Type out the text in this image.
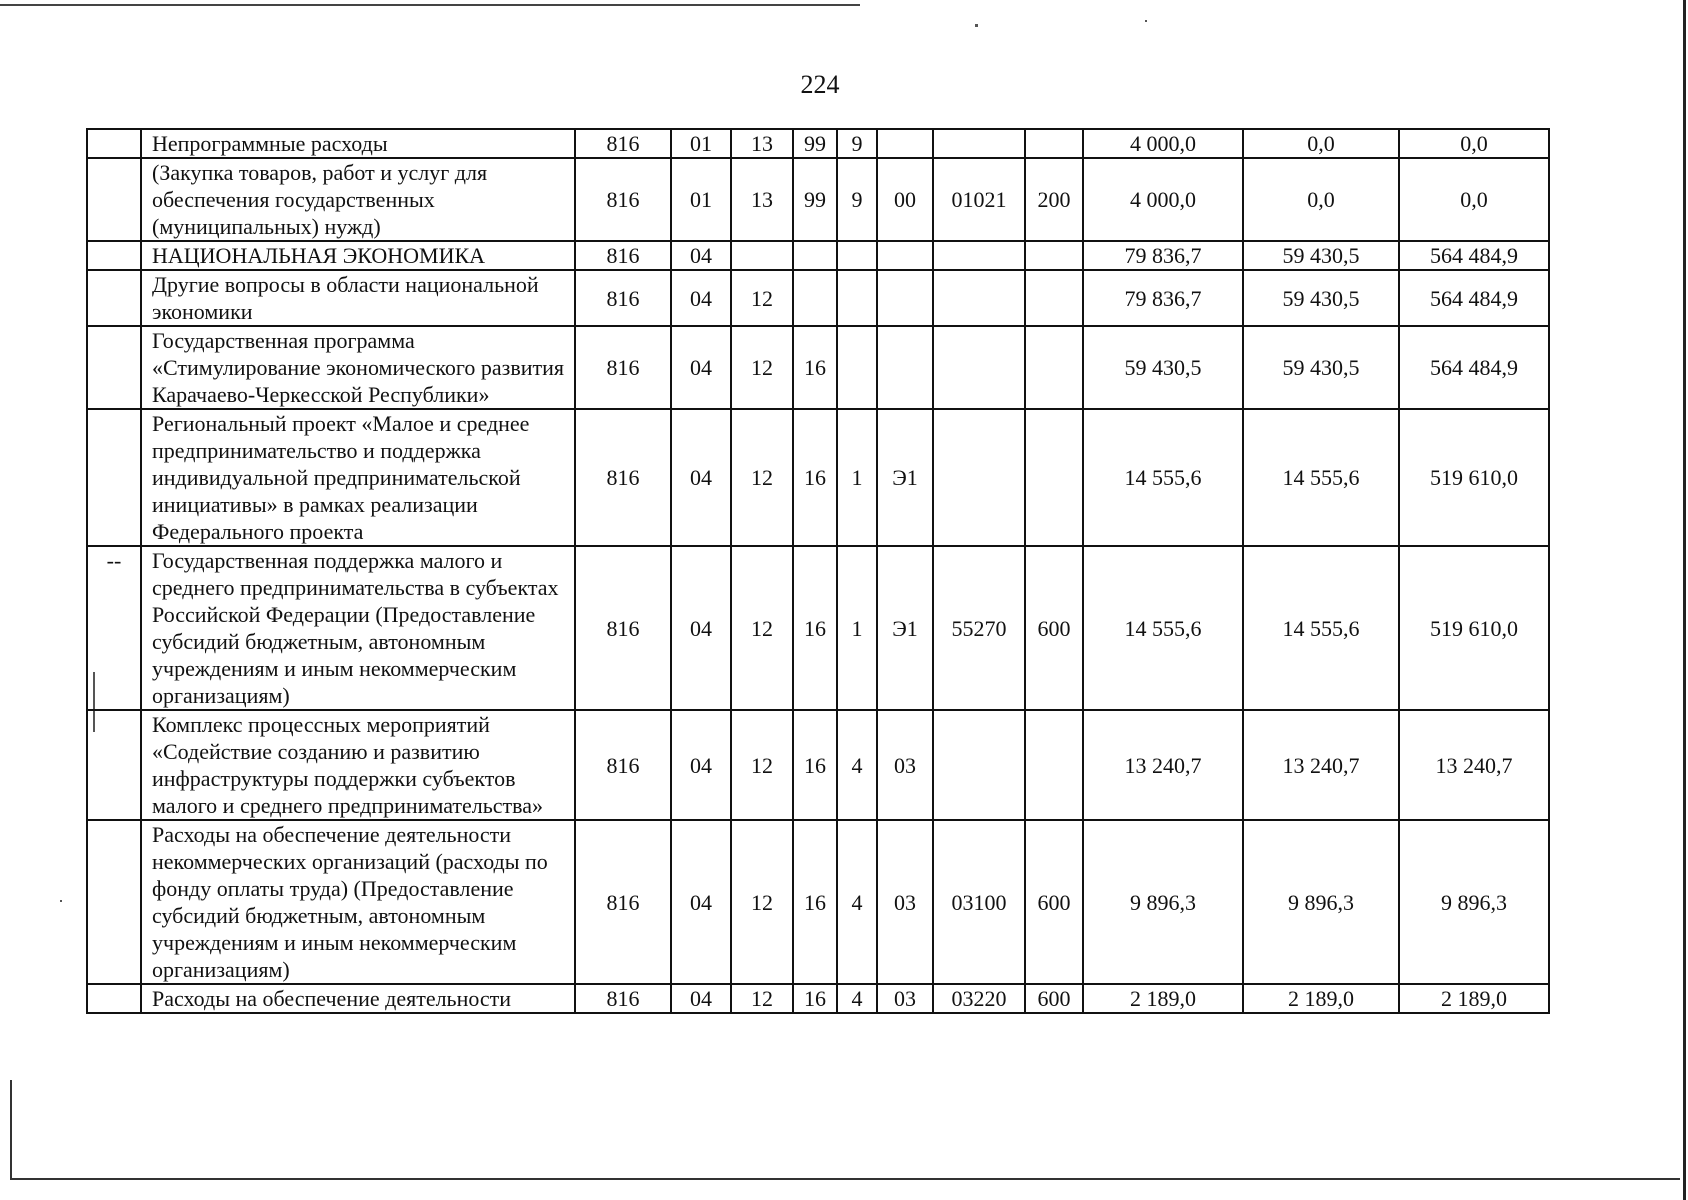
224
	Непрограммные расходы	816	01	13	99	9				4 000,0	0,0	0,0
	(Закупка товаров, работ и услуг для обеспечения государственных (муниципальных) нужд)	816	01	13	99	9	00	01021	200	4 000,0	0,0	0,0
	НАЦИОНАЛЬНАЯ ЭКОНОМИКА	816	04							79 836,7	59 430,5	564 484,9
	Другие вопросы в области национальной экономики	816	04	12						79 836,7	59 430,5	564 484,9
	Государственная программа «Стимулирование экономического развития Карачаево-Черкесской Республики»	816	04	12	16					59 430,5	59 430,5	564 484,9
	Региональный проект «Малое и среднее предпринимательство и поддержка индивидуальной предпринимательской инициативы» в рамках реализации Федерального проекта	816	04	12	16	1	Э1			14 555,6	14 555,6	519 610,0
--	Государственная поддержка малого и среднего предпринимательства в субъектах Российской Федерации (Предоставление субсидий бюджетным, автономным учреждениям и иным некоммерческим организациям)	816	04	12	16	1	Э1	55270	600	14 555,6	14 555,6	519 610,0
	Комплекс процессных мероприятий «Содействие созданию и развитию инфраструктуры поддержки субъектов малого и среднего предпринимательства»	816	04	12	16	4	03			13 240,7	13 240,7	13 240,7
	Расходы на обеспечение деятельности некоммерческих организаций (расходы по фонду оплаты труда) (Предоставление субсидий бюджетным, автономным учреждениям и иным некоммерческим организациям)	816	04	12	16	4	03	03100	600	9 896,3	9 896,3	9 896,3
	Расходы на обеспечение деятельности	816	04	12	16	4	03	03220	600	2 189,0	2 189,0	2 189,0
